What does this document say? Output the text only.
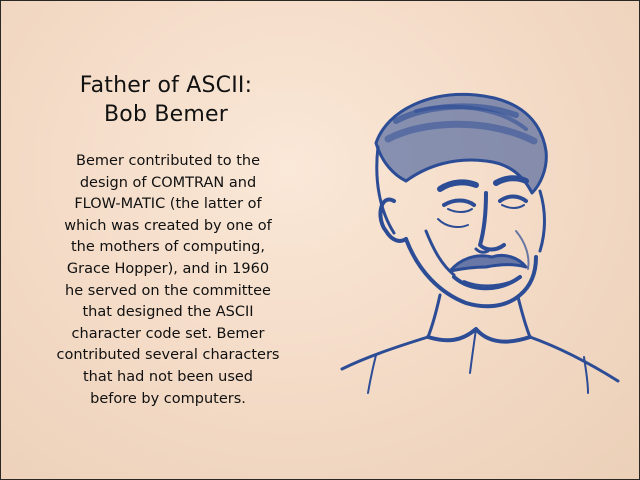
Father of ASCII:
Bob Bemer
Bemer contributed to the
design of COMTRAN and
FLOW-MATIC (the latter of
which was created by one of
the mothers of computing,
Grace Hopper), and in 1960
he served on the committee
that designed the ASCII
character code set. Bemer
contributed several characters
that had not been used
before by computers.
